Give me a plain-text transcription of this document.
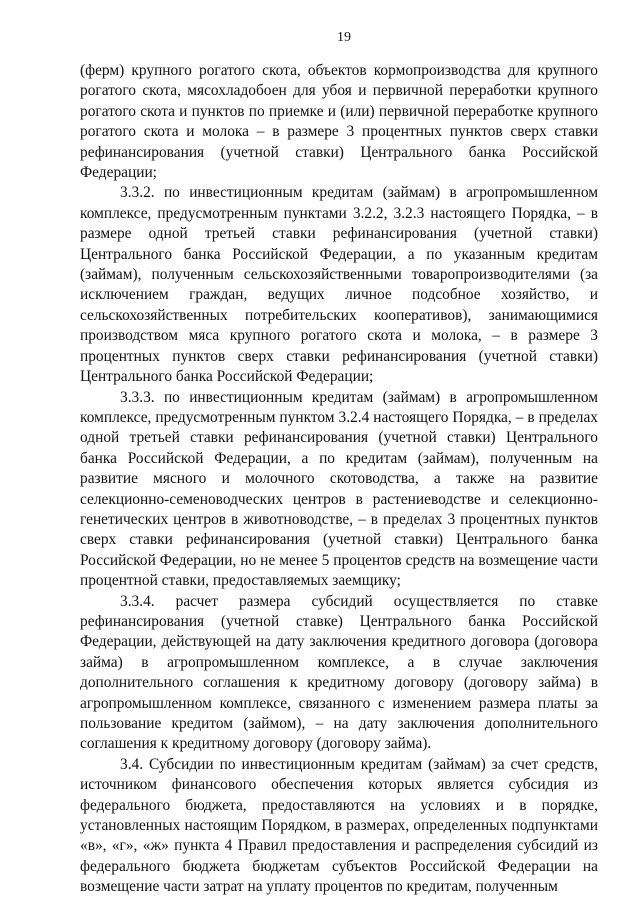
19

(ферм) крупного рогатого скота, объектов кормопроизводства для крупного рогатого скота, мясохладобоен для убоя и первичной переработки крупного рогатого скота и пунктов по приемке и (или) первичной переработке крупного рогатого скота и молока – в размере 3 процентных пунктов сверх ставки рефинансирования (учетной ставки) Центрального банка Российской Федерации;

3.3.2. по инвестиционным кредитам (займам) в агропромышленном комплексе, предусмотренным пунктами 3.2.2, 3.2.3 настоящего Порядка, – в размере одной третьей ставки рефинансирования (учетной ставки) Центрального банка Российской Федерации, а по указанным кредитам (займам), полученным сельскохозяйственными товаропроизводителями (за исключением граждан, ведущих личное подсобное хозяйство, и сельскохозяйственных потребительских кооперативов), занимающимися производством мяса крупного рогатого скота и молока, – в размере 3 процентных пунктов сверх ставки рефинансирования (учетной ставки) Центрального банка Российской Федерации;

3.3.3. по инвестиционным кредитам (займам) в агропромышленном комплексе, предусмотренным пунктом 3.2.4 настоящего Порядка, – в пределах одной третьей ставки рефинансирования (учетной ставки) Центрального банка Российской Федерации, а по кредитам (займам), полученным на развитие мясного и молочного скотоводства, а также на развитие селекционно-семеноводческих центров в растениеводстве и селекционно-генетических центров в животноводстве, – в пределах 3 процентных пунктов сверх ставки рефинансирования (учетной ставки) Центрального банка Российской Федерации, но не менее 5 процентов средств на возмещение части процентной ставки, предоставляемых заемщику;

3.3.4. расчет размера субсидий осуществляется по ставке рефинансирования (учетной ставке) Центрального банка Российской Федерации, действующей на дату заключения кредитного договора (договора займа) в агропромышленном комплексе, а в случае заключения дополнительного соглашения к кредитному договору (договору займа) в агропромышленном комплексе, связанного с изменением размера платы за пользование кредитом (займом), – на дату заключения дополнительного соглашения к кредитному договору (договору займа).

3.4. Субсидии по инвестиционным кредитам (займам) за счет средств, источником финансового обеспечения которых является субсидия из федерального бюджета, предоставляются на условиях и в порядке, установленных настоящим Порядком, в размерах, определенных подпунктами «в», «г», «ж» пункта 4 Правил предоставления и распределения субсидий из федерального бюджета бюджетам субъектов Российской Федерации на возмещение части затрат на уплату процентов по кредитам, полученным
